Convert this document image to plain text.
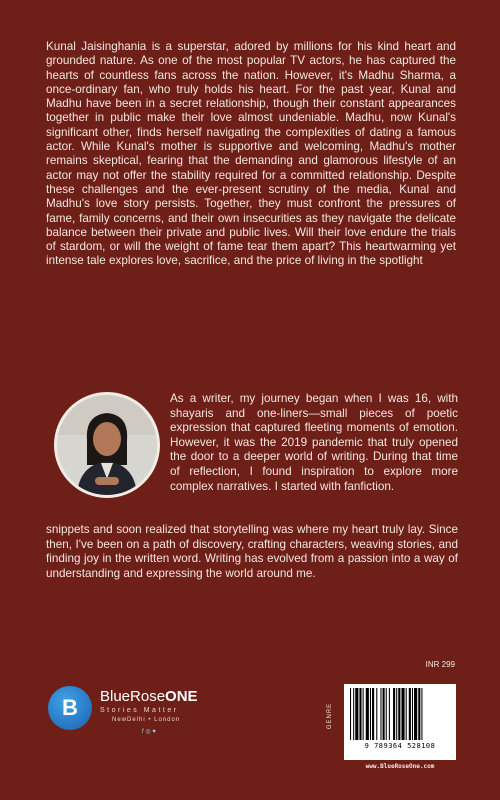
Kunal Jaisinghania is a superstar, adored by millions for his kind heart and grounded nature. As one of the most popular TV actors, he has captured the hearts of countless fans across the nation. However, it's Madhu Sharma, a once-ordinary fan, who truly holds his heart. For the past year, Kunal and Madhu have been in a secret relationship, though their constant appearances together in public make their love almost undeniable. Madhu, now Kunal's significant other, finds herself navigating the complexities of dating a famous actor. While Kunal's mother is supportive and welcoming, Madhu's mother remains skeptical, fearing that the demanding and glamorous lifestyle of an actor may not offer the stability required for a committed relationship. Despite these challenges and the ever-present scrutiny of the media, Kunal and Madhu's love story persists. Together, they must confront the pressures of fame, family concerns, and their own insecurities as they navigate the delicate balance between their private and public lives. Will their love endure the trials of stardom, or will the weight of fame tear them apart? This heartwarming yet intense tale explores love, sacrifice, and the price of living in the spotlight

As a writer, my journey began when I was 16, with shayaris and one-liners—small pieces of poetic expression that captured fleeting moments of emotion. However, it was the 2019 pandemic that truly opened the door to a deeper world of writing. During that time of reflection, I found inspiration to explore more complex narratives. I started with fanfiction.

snippets and soon realized that storytelling was where my heart truly lay. Since then, I've been on a path of discovery, crafting characters, weaving stories, and finding joy in the written word. Writing has evolved from a passion into a way of understanding and expressing the world around me.

B BlueRoseONE
Stories Matter
NewDelhi • London
f ◎ ♥
INR 299
GENRE
9 789364 528108
www.BlueRoseOne.com
